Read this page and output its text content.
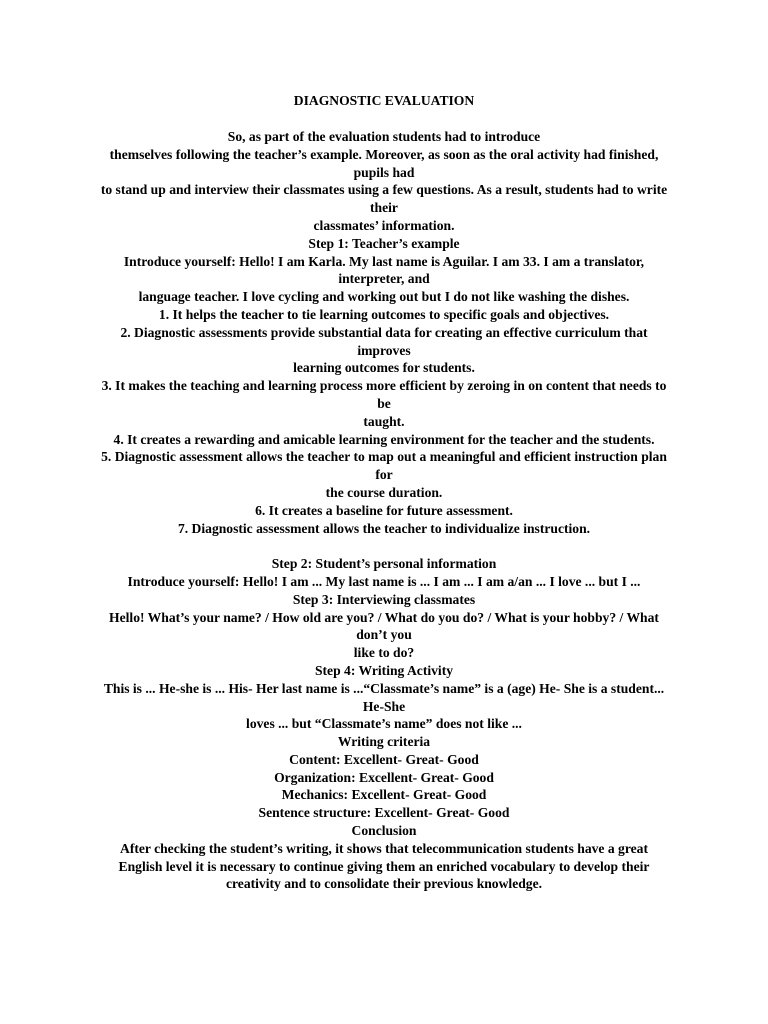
DIAGNOSTIC EVALUATION
So, as part of the evaluation students had to introduce
themselves following the teacher’s example. Moreover, as soon as the oral activity had finished, pupils had
to stand up and interview their classmates using a few questions. As a result, students had to write their
classmates’ information.
Step 1: Teacher’s example
Introduce yourself: Hello! I am Karla. My last name is Aguilar. I am 33. I am a translator, interpreter, and
language teacher. I love cycling and working out but I do not like washing the dishes.
1. It helps the teacher to tie learning outcomes to specific goals and objectives.
2. Diagnostic assessments provide substantial data for creating an effective curriculum that improves
learning outcomes for students.
3. It makes the teaching and learning process more efficient by zeroing in on content that needs to be
taught.
4. It creates a rewarding and amicable learning environment for the teacher and the students.
5. Diagnostic assessment allows the teacher to map out a meaningful and efficient instruction plan for
the course duration.
6. It creates a baseline for future assessment.
7. Diagnostic assessment allows the teacher to individualize instruction.
Step 2: Student’s personal information
Introduce yourself: Hello! I am ... My last name is ... I am ... I am a/an ... I love ... but I ...
Step 3: Interviewing classmates
Hello! What’s your name? / How old are you? / What do you do? / What is your hobby? / What don’t you
like to do?
Step 4: Writing Activity
This is ... He-she is ... His- Her last name is ...“Classmate’s name” is a (age) He- She is a student... He-She
loves ... but “Classmate’s name” does not like ...
Writing criteria
Content: Excellent- Great- Good
Organization: Excellent- Great- Good
Mechanics: Excellent- Great- Good
Sentence structure: Excellent- Great- Good
Conclusion
After checking the student’s writing, it shows that telecommunication students have a great English level it is necessary to continue giving them an enriched vocabulary to develop their creativity and to consolidate their previous knowledge.
